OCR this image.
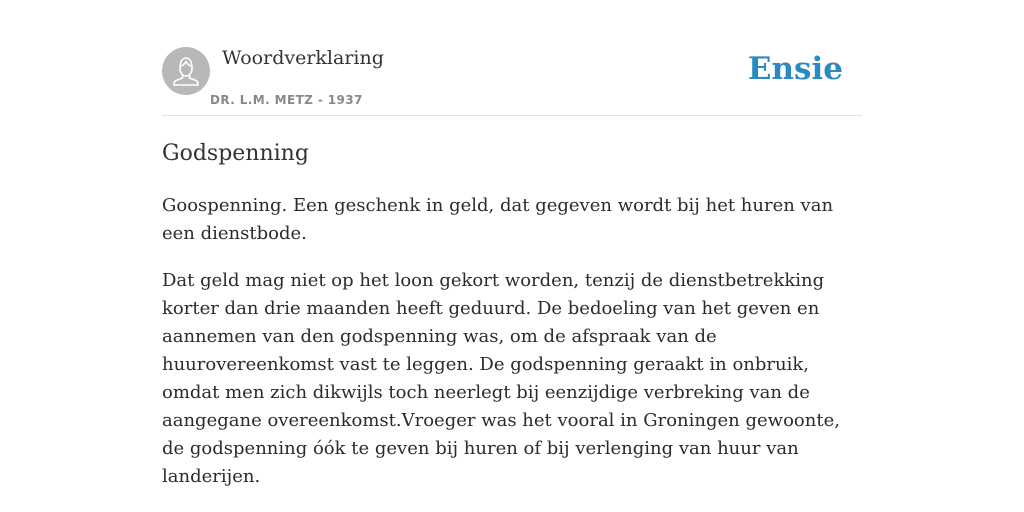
Woordverklaring
DR. L.M. METZ - 1937
Ensie
Godspenning

Goospenning. Een geschenk in geld, dat gegeven wordt bij het huren van een dienstbode.

Dat geld mag niet op het loon gekort worden, tenzij de dienstbetrekking korter dan drie maanden heeft geduurd. De bedoeling van het geven en aannemen van den godspenning was, om de afspraak van de huurovereenkomst vast te leggen. De godspenning geraakt in onbruik, omdat men zich dikwijls toch neerlegt bij eenzijdige verbreking van de aangegane overeenkomst.Vroeger was het vooral in Groningen gewoonte, de godspenning óók te geven bij huren of bij verlenging van huur van landerijen.
